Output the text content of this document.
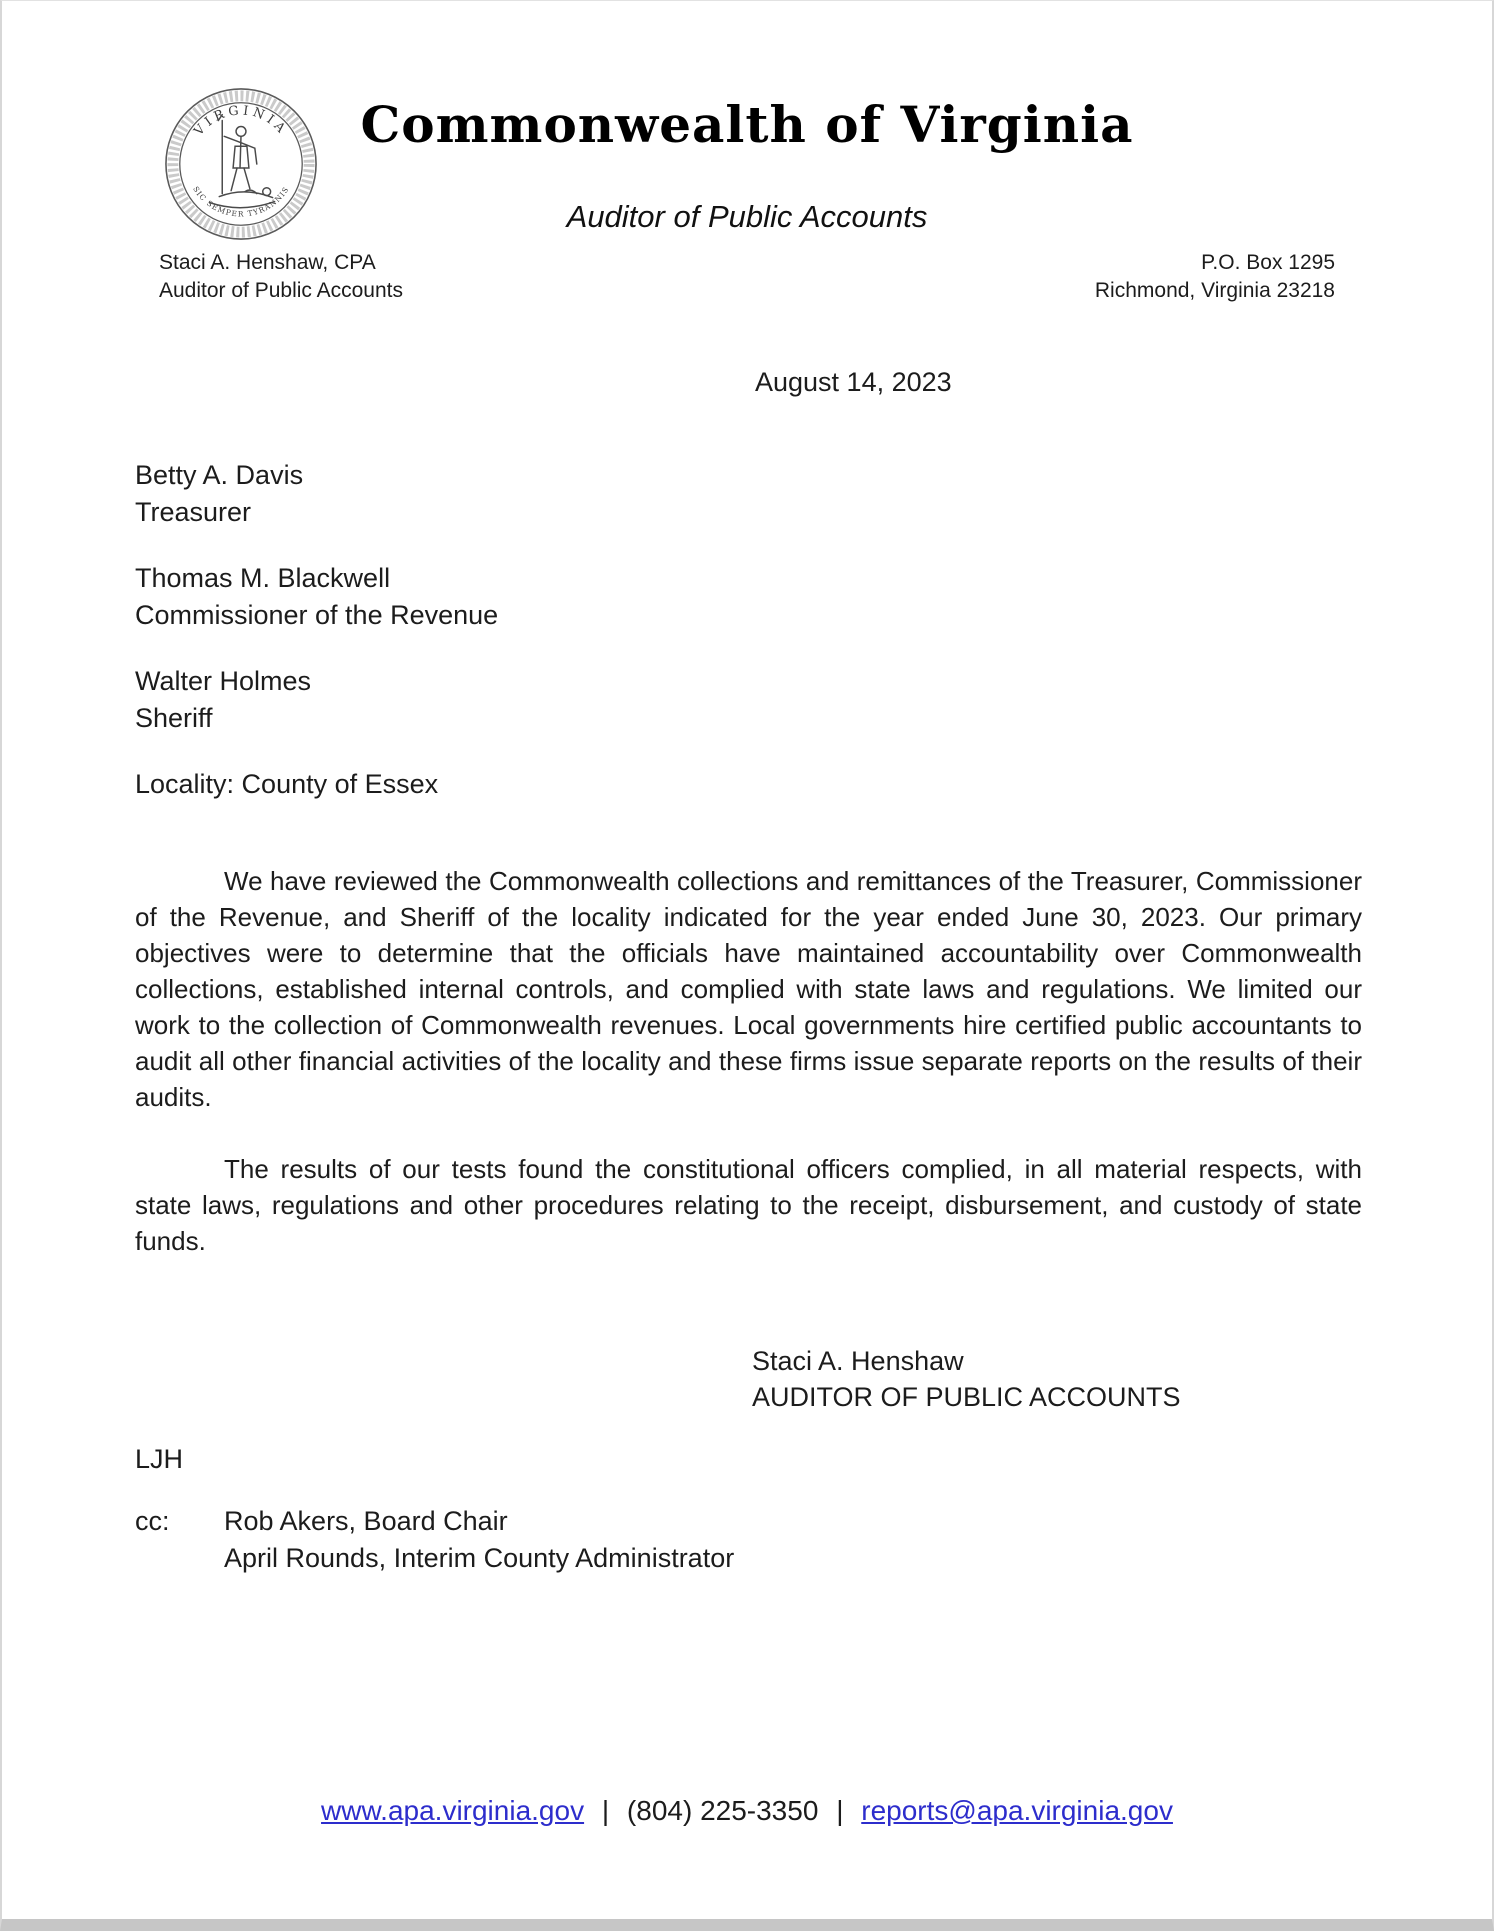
VIRGINIA
SIC SEMPER TYRANNIS
Commonwealth of Virginia
Auditor of Public Accounts
Staci A. Henshaw, CPA
Auditor of Public Accounts
P.O. Box 1295
Richmond, Virginia 23218
August 14, 2023
Betty A. Davis
Treasurer
Thomas M. Blackwell
Commissioner of the Revenue
Walter Holmes
Sheriff
Locality: County of Essex

We have reviewed the Commonwealth collections and remittances of the Treasurer, Commissioner of the Revenue, and Sheriff of the locality indicated for the year ended June 30, 2023. Our primary objectives were to determine that the officials have maintained accountability over Commonwealth collections, established internal controls, and complied with state laws and regulations. We limited our work to the collection of Commonwealth revenues. Local governments hire certified public accountants to audit all other financial activities of the locality and these firms issue separate reports on the results of their audits.

The results of our tests found the constitutional officers complied, in all material respects, with state laws, regulations and other procedures relating to the receipt, disbursement, and custody of state funds.

Staci A. Henshaw
AUDITOR OF PUBLIC ACCOUNTS
LJH
cc:	Rob Akers, Board Chair
April Rounds, Interim County Administrator
www.apa.virginia.gov | (804) 225-3350 | reports@apa.virginia.gov
